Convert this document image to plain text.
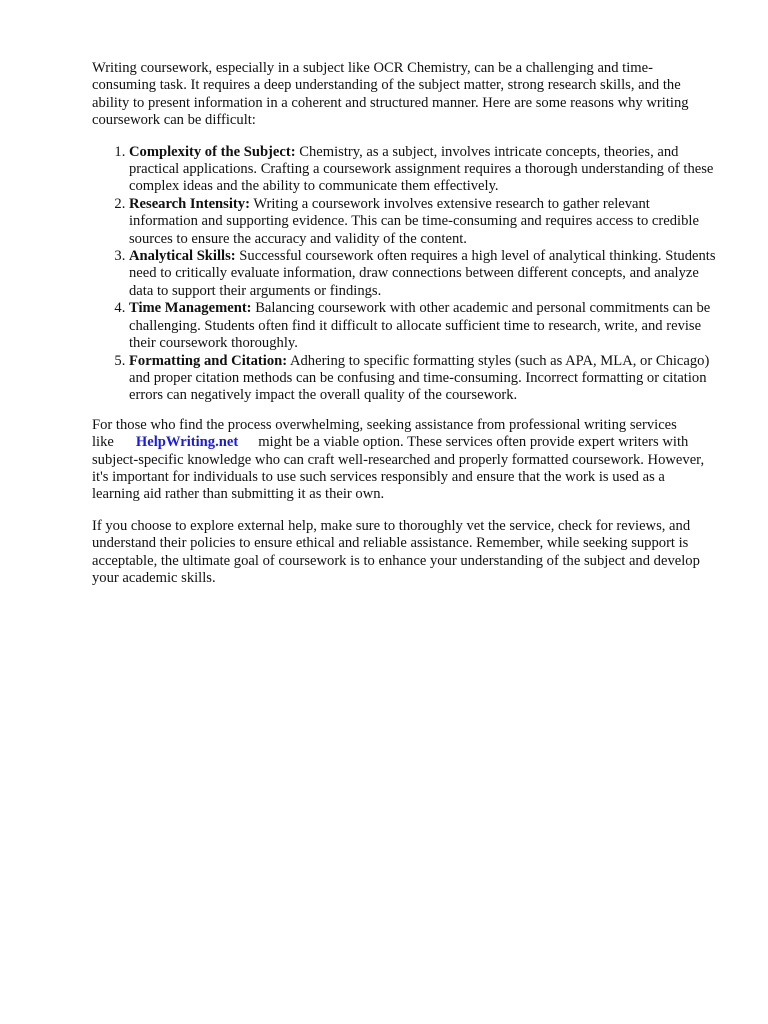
Writing coursework, especially in a subject like OCR Chemistry, can be a challenging and time-consuming task. It requires a deep understanding of the subject matter, strong research skills, and the ability to present information in a coherent and structured manner. Here are some reasons why writing coursework can be difficult:

1. Complexity of the Subject: Chemistry, as a subject, involves intricate concepts, theories, and practical applications. Crafting a coursework assignment requires a thorough understanding of these complex ideas and the ability to communicate them effectively.
2. Research Intensity: Writing a coursework involves extensive research to gather relevant information and supporting evidence. This can be time-consuming and requires access to credible sources to ensure the accuracy and validity of the content.
3. Analytical Skills: Successful coursework often requires a high level of analytical thinking. Students need to critically evaluate information, draw connections between different concepts, and analyze data to support their arguments or findings.
4. Time Management: Balancing coursework with other academic and personal commitments can be challenging. Students often find it difficult to allocate sufficient time to research, write, and revise their coursework thoroughly.
5. Formatting and Citation: Adhering to specific formatting styles (such as APA, MLA, or Chicago) and proper citation methods can be confusing and time-consuming. Incorrect formatting or citation errors can negatively impact the overall quality of the coursework.

For those who find the process overwhelming, seeking assistance from professional writing services like HelpWriting.net might be a viable option. These services often provide expert writers with subject-specific knowledge who can craft well-researched and properly formatted coursework. However, it's important for individuals to use such services responsibly and ensure that the work is used as a learning aid rather than submitting it as their own.

If you choose to explore external help, make sure to thoroughly vet the service, check for reviews, and understand their policies to ensure ethical and reliable assistance. Remember, while seeking support is acceptable, the ultimate goal of coursework is to enhance your understanding of the subject and develop your academic skills.
